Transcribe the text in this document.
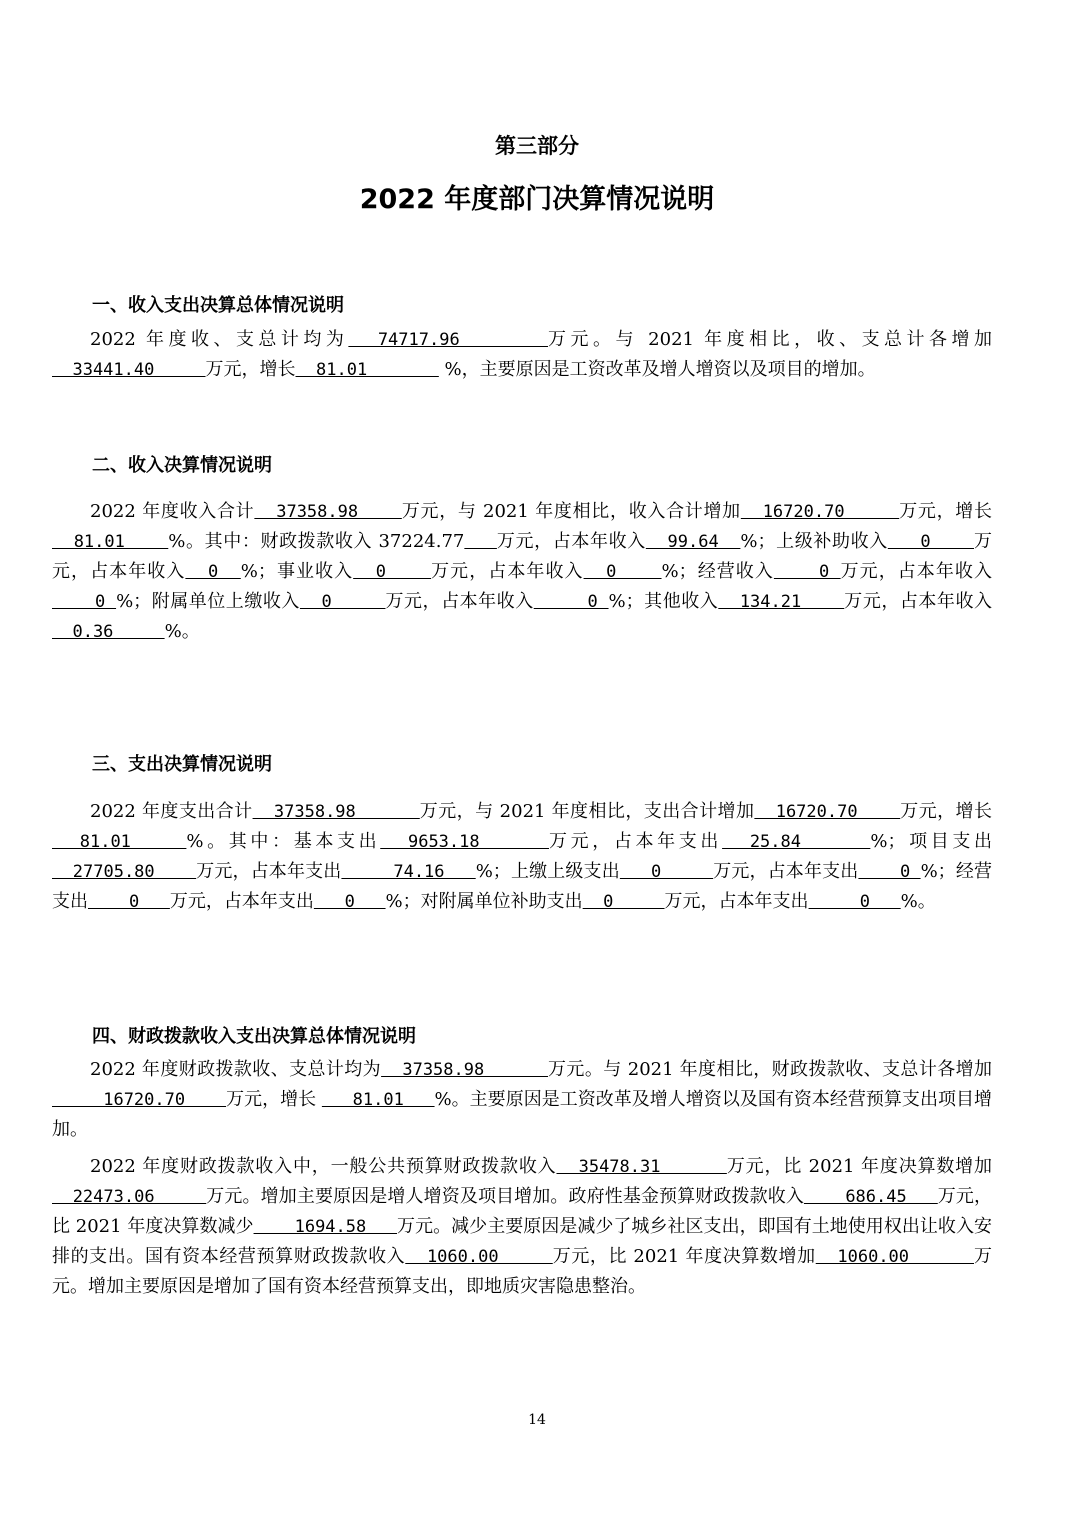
第三部分
2022 年度部门决算情况说明
一、收入支出决算总体情况说明
2022 年度收、支总计均为  74717.96      万元。与 2021 年度相比，收、支总计各增加  33441.40     万元，增长  81.01        %，主要原因是工资改革及增人增资以及项目的增加。
二、收入决算情况说明
2022 年度收入合计  37358.98    万元，与 2021 年度相比，收入合计增加  16720.70     万元，增长  81.01    %。其中：财政拨款收入 37224.77 万元，占本年收入  99.64  %；上级补助收入   0    万元，占本年收入  0  %；事业收入  0    万元，占本年收入  0    %；经营收入    0 万元，占本年收入    0 %；附属单位上缴收入  0     万元，占本年收入     0 %；其他收入  134.21    万元，占本年收入  0.36     %。
三、支出决算情况说明
2022 年度支出合计  37358.98      万元，与 2021 年度相比，支出合计增加  16720.70    万元，增长  81.01    %。其中：基本支出  9653.18     万元，占本年支出  25.84     %；项目支出  27705.80    万元，占本年支出     74.16   %；上缴上级支出   0     万元，占本年支出    0 %；经营支出    0   万元，占本年支出   0   %；对附属单位补助支出  0     万元，占本年支出     0   %。
四、财政拨款收入支出决算总体情况说明
2022 年度财政拨款收、支总计均为  37358.98      万元。与 2021 年度相比，财政拨款收、支总计各增加     16720.70    万元，增长    81.01   %。主要原因是工资改革及增人增资以及国有资本经营预算支出项目增加。
2022 年度财政拨款收入中，一般公共预算财政拨款收入  35478.31      万元，比 2021 年度决算数增加  22473.06     万元。增加主要原因是增人增资及项目增加。政府性基金预算财政拨款收入    686.45   万元，比 2021 年度决算数减少    1694.58   万元。减少主要原因是减少了城乡社区支出，即国有土地使用权出让收入安排的支出。国有资本经营预算财政拨款收入  1060.00     万元，比 2021 年度决算数增加  1060.00      万元。增加主要原因是增加了国有资本经营预算支出，即地质灾害隐患整治。
14
